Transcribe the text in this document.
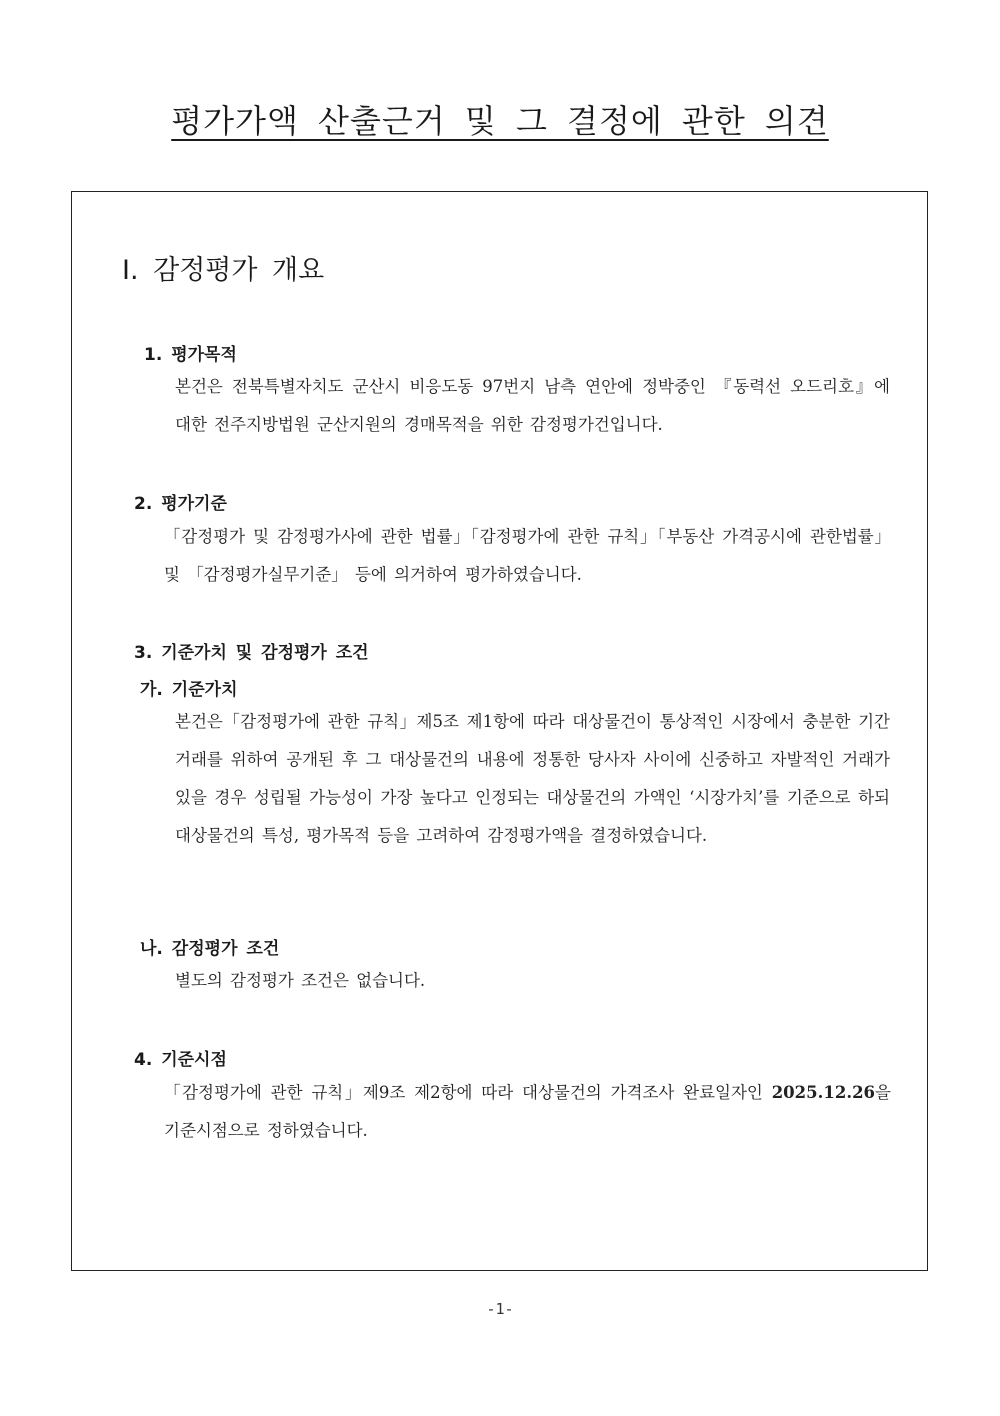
평가가액 산출근거 및 그 결정에 관한 의견
Ⅰ. 감정평가 개요
1. 평가목적
본건은 전북특별자치도 군산시 비응도동 97번지 남측 연안에 정박중인 『동력선 오드리호』에 대한 전주지방법원 군산지원의 경매목적을 위한 감정평가건입니다.
2. 평가기준
「감정평가 및 감정평가사에 관한 법률」「감정평가에 관한 규칙」「부동산 가격공시에 관한법률」 및 「감정평가실무기준」 등에 의거하여 평가하였습니다.
3. 기준가치 및 감정평가 조건
가. 기준가치
본건은「감정평가에 관한 규칙」제5조 제1항에 따라 대상물건이 통상적인 시장에서 충분한 기간 거래를 위하여 공개된 후 그 대상물건의 내용에 정통한 당사자 사이에 신중하고 자발적인 거래가 있을 경우 성립될 가능성이 가장 높다고 인정되는 대상물건의 가액인 ‘시장가치’를 기준으로 하되 대상물건의 특성, 평가목적 등을 고려하여 감정평가액을 결정하였습니다.
나. 감정평가 조건
별도의 감정평가 조건은 없습니다.
4. 기준시점
「감정평가에 관한 규칙」제9조 제2항에 따라 대상물건의 가격조사 완료일자인 2025.12.26을 기준시점으로 정하였습니다.
-1-
